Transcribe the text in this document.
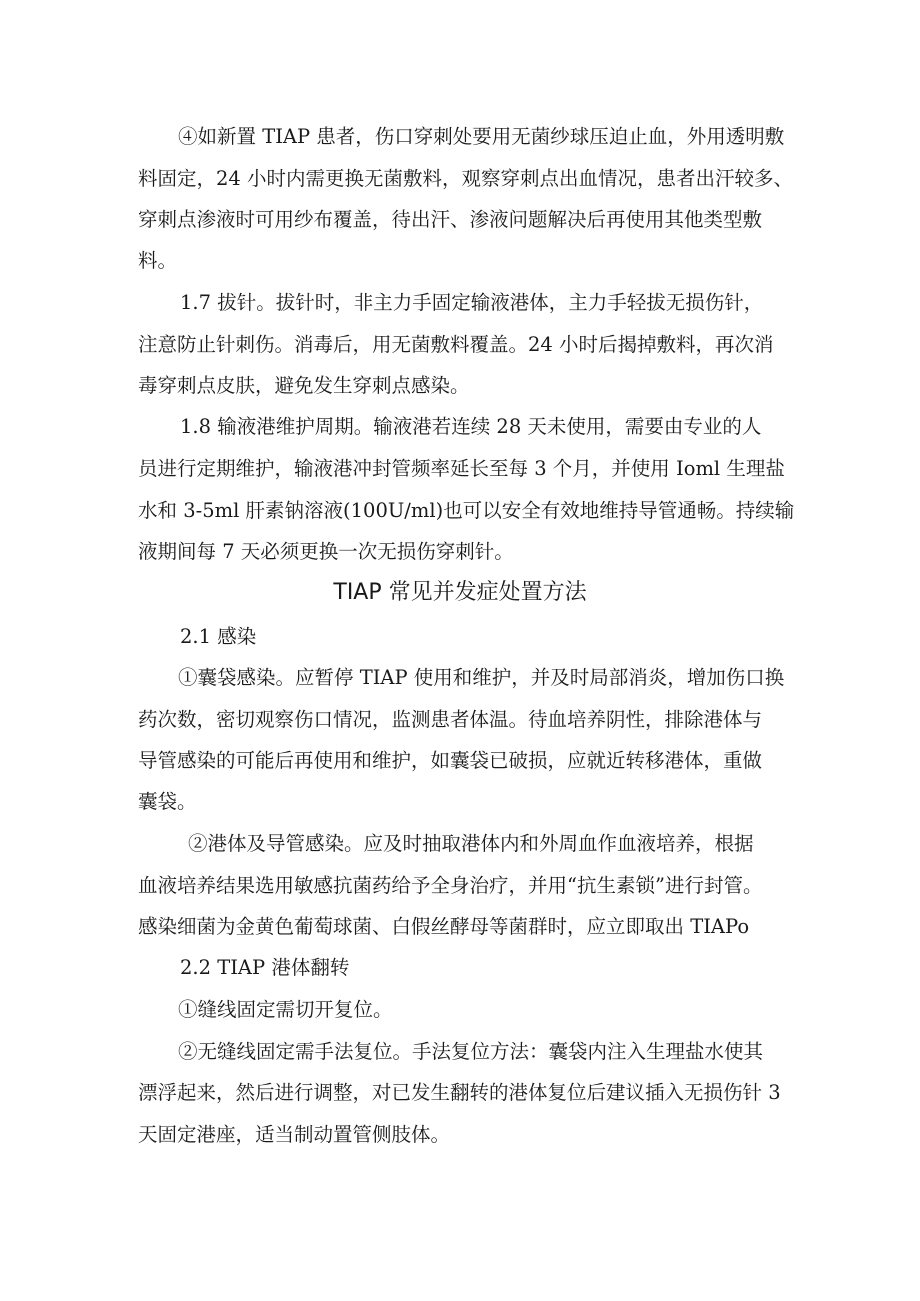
④如新置 TIAP 患者，伤口穿刺处要用无菌纱球压迫止血，外用透明敷
料固定，24 小时内需更换无菌敷料，观察穿刺点出血情况，患者出汗较多、
穿刺点渗液时可用纱布覆盖，待出汗、渗液问题解决后再使用其他类型敷
料。
1.7 拔针。拔针时，非主力手固定输液港体，主力手轻拔无损伤针，
注意防止针刺伤。消毒后，用无菌敷料覆盖。24 小时后揭掉敷料，再次消
毒穿刺点皮肤，避免发生穿刺点感染。
1.8 输液港维护周期。输液港若连续 28 天未使用，需要由专业的人
员进行定期维护，输液港冲封管频率延长至每 3 个月，并使用 Ioml 生理盐
水和 3-5ml 肝素钠溶液(100U∕ml)也可以安全有效地维持导管通畅。持续输
液期间每 7 天必须更换一次无损伤穿刺针。
TIAP 常见并发症处置方法
2.1 感染
①囊袋感染。应暂停 TIAP 使用和维护，并及时局部消炎，增加伤口换
药次数，密切观察伤口情况，监测患者体温。待血培养阴性，排除港体与
导管感染的可能后再使用和维护，如囊袋已破损，应就近转移港体，重做
囊袋。
②港体及导管感染。应及时抽取港体内和外周血作血液培养，根据
血液培养结果选用敏感抗菌药给予全身治疗，并用“抗生素锁”进行封管。
感染细菌为金黄色葡萄球菌、白假丝酵母等菌群时，应立即取出 TIAPo
2.2 TIAP 港体翻转
①缝线固定需切开复位。
②无缝线固定需手法复位。手法复位方法：囊袋内注入生理盐水使其
漂浮起来，然后进行调整，对已发生翻转的港体复位后建议插入无损伤针 3
天固定港座，适当制动置管侧肢体。
